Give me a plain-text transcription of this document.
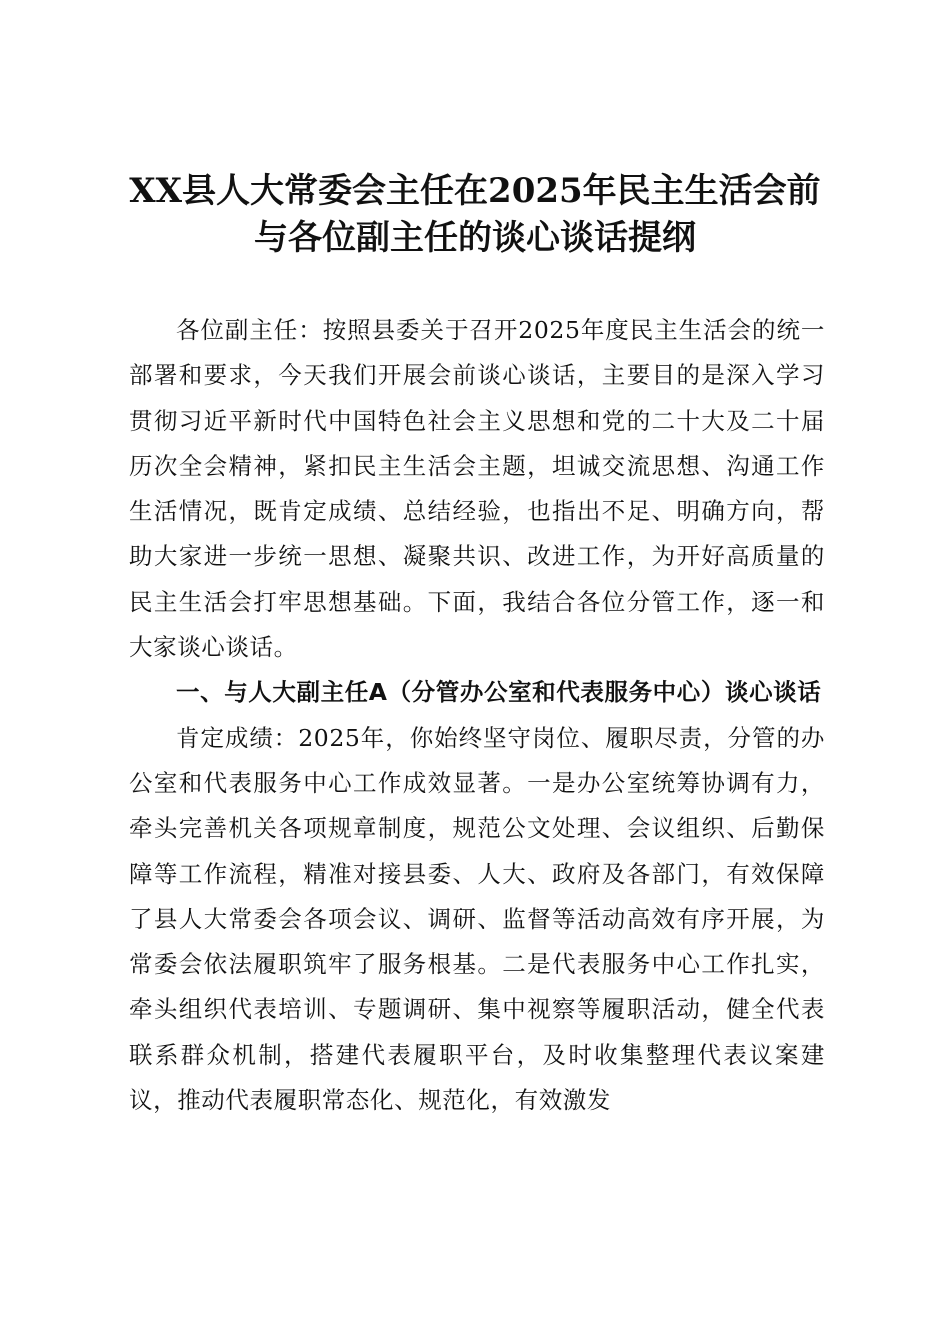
XX县人大常委会主任在2025年民主生活会前
与各位副主任的谈心谈话提纲

各位副主任：按照县委关于召开2025年度民主生活会的统一部署和要求，今天我们开展会前谈心谈话，主要目的是深入学习贯彻习近平新时代中国特色社会主义思想和党的二十大及二十届历次全会精神，紧扣民主生活会主题，坦诚交流思想、沟通工作生活情况，既肯定成绩、总结经验，也指出不足、明确方向，帮助大家进一步统一思想、凝聚共识、改进工作，为开好高质量的民主生活会打牢思想基础。下面，我结合各位分管工作，逐一和大家谈心谈话。

一、与人大副主任A（分管办公室和代表服务中心）谈心谈话

肯定成绩：2025年，你始终坚守岗位、履职尽责，分管的办公室和代表服务中心工作成效显著。一是办公室统筹协调有力，牵头完善机关各项规章制度，规范公文处理、会议组织、后勤保障等工作流程，精准对接县委、人大、政府及各部门，有效保障了县人大常委会各项会议、调研、监督等活动高效有序开展，为常委会依法履职筑牢了服务根基。二是代表服务中心工作扎实，牵头组织代表培训、专题调研、集中视察等履职活动，健全代表联系群众机制，搭建代表履职平台，及时收集整理代表议案建议，推动代表履职常态化、规范化，有效激发
